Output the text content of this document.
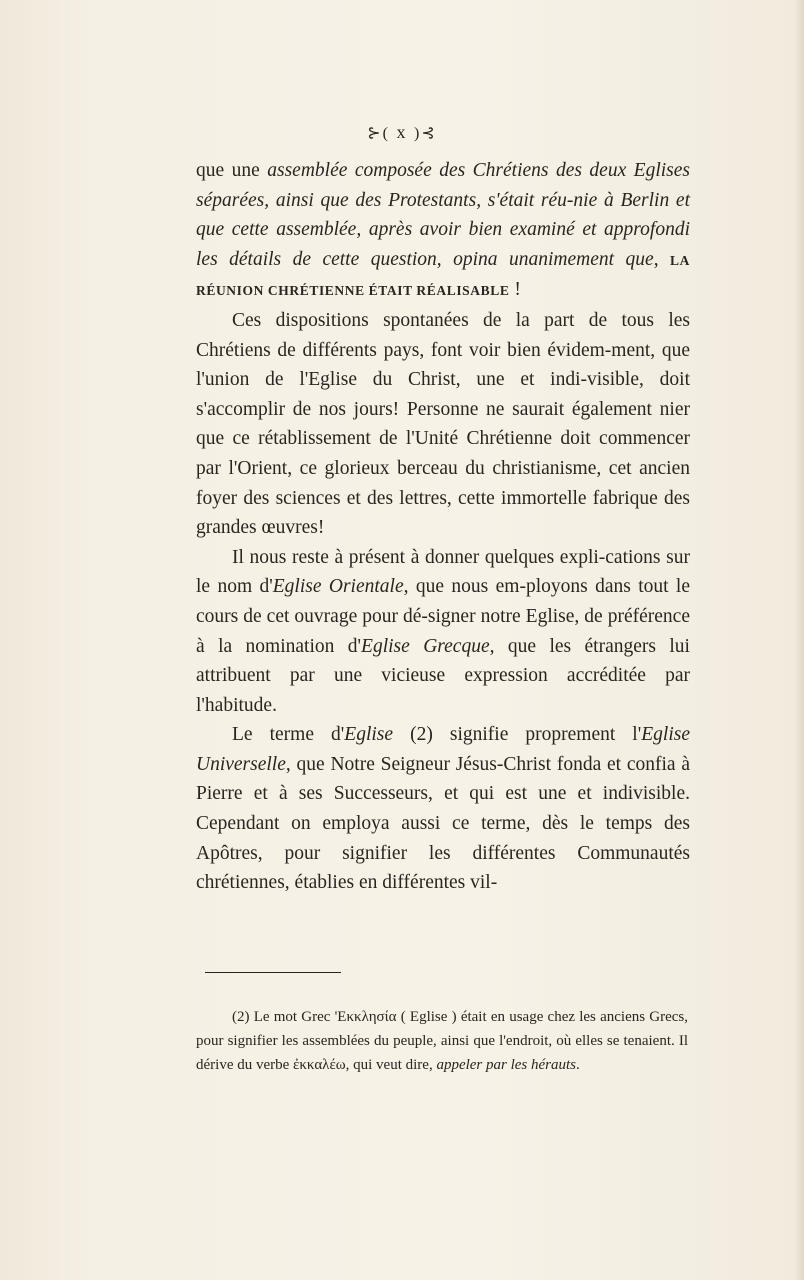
⊱( x )⊰

que une assemblée composée des Chrétiens des deux Eglises séparées, ainsi que des Protestants, s'était réu-nie à Berlin et que cette assemblée, après avoir bien examiné et approfondi les détails de cette question, opina unanimement que, LA RÉUNION CHRÉTIENNE ÉTAIT RÉALISABLE !

Ces dispositions spontanées de la part de tous les Chrétiens de différents pays, font voir bien évidem-ment, que l'union de l'Eglise du Christ, une et indi-visible, doit s'accomplir de nos jours! Personne ne saurait également nier que ce rétablissement de l'Unité Chrétienne doit commencer par l'Orient, ce glorieux berceau du christianisme, cet ancien foyer des sciences et des lettres, cette immortelle fabrique des grandes œuvres!

Il nous reste à présent à donner quelques expli-cations sur le nom d'Eglise Orientale, que nous em-ployons dans tout le cours de cet ouvrage pour dé-signer notre Eglise, de préférence à la nomination d'Eglise Grecque, que les étrangers lui attribuent par une vicieuse expression accréditée par l'habitude.

Le terme d'Eglise (2) signifie proprement l'Eglise Universelle, que Notre Seigneur Jésus-Christ fonda et confia à Pierre et à ses Successeurs, et qui est une et indivisible. Cependant on employa aussi ce terme, dès le temps des Apôtres, pour signifier les différentes Communautés chrétiennes, établies en différentes vil-

(2) Le mot Grec 'Εκκλησία ( Eglise ) était en usage chez les anciens Grecs, pour signifier les assemblées du peuple, ainsi que l'endroit, où elles se tenaient. Il dérive du verbe ἐκκαλέω, qui veut dire, appeler par les hérauts.
